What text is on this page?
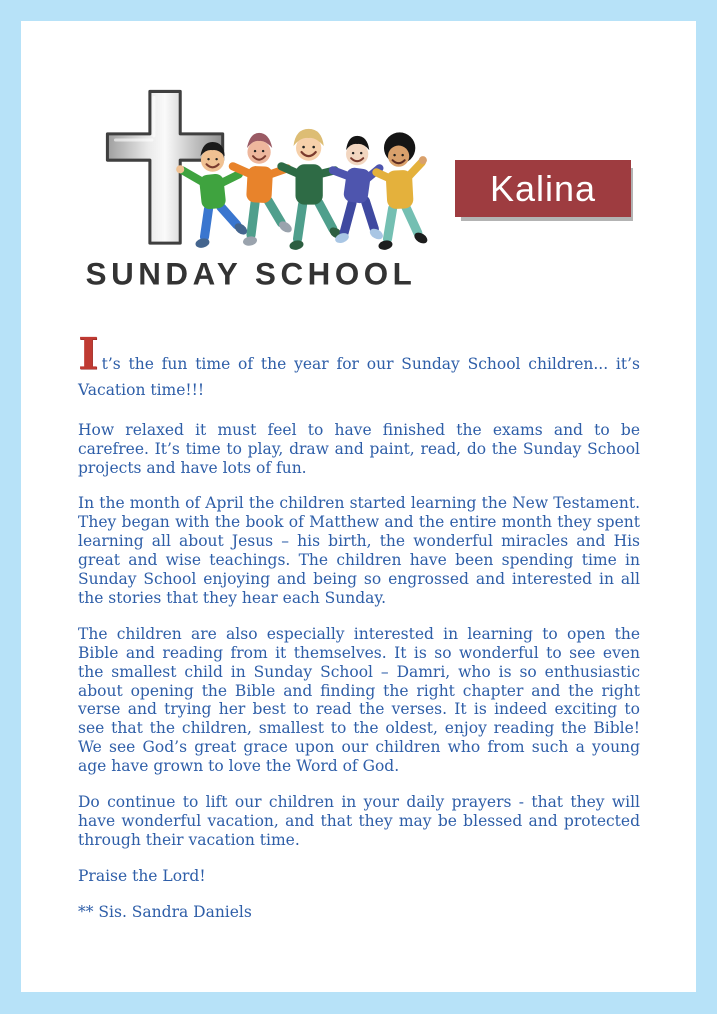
SUNDAY SCHOOL
Kalina

It’s the fun time of the year for our Sunday School children... it’s Vacation time!!!

How relaxed it must feel to have finished the exams and to be carefree. It’s time to play, draw and paint, read, do the Sunday School projects and have lots of fun.

In the month of April the children started learning the New Testament. They began with the book of Matthew and the entire month they spent learning all about Jesus – his birth, the wonderful miracles and His great and wise teachings. The children have been spending time in Sunday School enjoying and being so engrossed and interested in all the stories that they hear each Sunday.

The children are also especially interested in learning to open the Bible and reading from it themselves. It is so wonderful to see even the smallest child in Sunday School – Damri, who is so enthusiastic about opening the Bible and finding the right chapter and the right verse and trying her best to read the verses. It is indeed exciting to see that the children, smallest to the oldest, enjoy reading the Bible! We see God’s great grace upon our children who from such a young age have grown to love the Word of God.

Do continue to lift our children in your daily prayers - that they will have wonderful vacation, and that they may be blessed and protected through their vacation time.

Praise the Lord!

** Sis. Sandra Daniels
